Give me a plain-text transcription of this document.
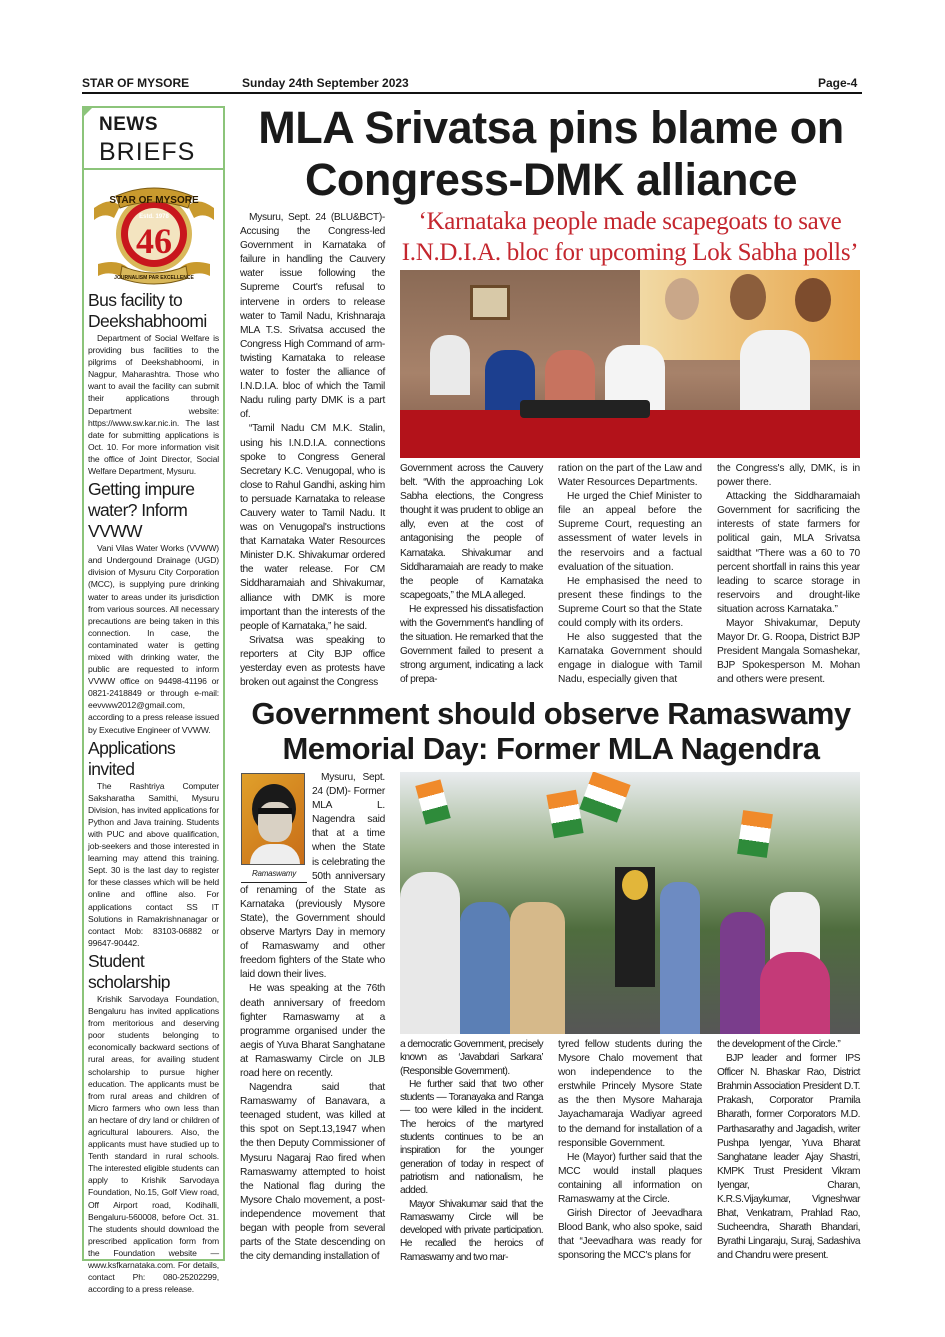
STAR OF MYSORE	Sunday 24th September 2023	Page-4
NEWS
BRIEFS
STAR OF MYSORE
Estd. 1978
46
JOURNALISM PAR EXCELLENCE
Bus facility to Deekshabhoomi

Department of Social Welfare is providing bus facilities to the pilgrims of Deekshabhoomi, in Nagpur, Maharashtra. Those who want to avail the facility can submit their applications through Department website: https://www.sw.kar.nic.in. The last date for submitting applications is Oct. 10. For more information visit the office of Joint Director, Social Welfare Department, Mysuru.

Getting impure water? Inform VVWW

Vani Vilas Water Works (VVWW) and Undergound Drainage (UGD) division of Mysuru City Corporation (MCC), is supplying pure drinking water to areas under its jurisdiction from various sources. All necessary precautions are being taken in this connection. In case, the contaminated water is getting mixed with drinking water, the public are requested to inform VVWW office on 94498-41196 or 0821-2418849 or through e-mail: eevvww2012@gmail.com, according to a press release issued by Executive Engineer of VVWW.

Applications invited

The Rashtriya Computer Saksharatha Samithi, Mysuru Division, has invited applications for Python and Java training. Students with PUC and above qualification, job-seekers and those interested in learning may attend this training. Sept. 30 is the last day to register for these classes which will be held online and offline also. For applications contact SS IT Solutions in Ramakrishnanagar or contact Mob: 83103-06882 or 99647-90442.

Student scholarship

Krishik Sarvodaya Foundation, Bengaluru has invited applications from meritorious and deserving poor students belonging to economically backward sections of rural areas, for availing student scholarship to pursue higher education. The applicants must be from rural areas and children of Micro farmers who own less than an hectare of dry land or children of agricultural labourers. Also, the applicants must have studied up to Tenth standard in rural schools. The interested eligible students can apply to Krishik Sarvodaya Foundation, No.15, Golf View road, Off Airport road, Kodihalli, Bengaluru-560008, before Oct. 31. The students should download the prescribed application form from the Foundation website — www.ksfkarnataka.com. For details, contact Ph: 080-25202299, according to a press release.

MLA Srivatsa pins blame on Congress-DMK alliance
‘Karnataka people made scapegoats to save I.N.D.I.A. bloc for upcoming Lok Sabha polls’

Mysuru, Sept. 24 (BLU&BCT)- Accusing the Congress-led Government in Karnataka of failure in handling the Cauvery water issue following the Supreme Court's refusal to intervene in orders to release water to Tamil Nadu, Krishnaraja MLA T.S. Srivatsa accused the Congress High Command of arm-twisting Karnataka to release water to foster the alliance of I.N.D.I.A. bloc of which the Tamil Nadu ruling party DMK is a part of.

“Tamil Nadu CM M.K. Stalin, using his I.N.D.I.A. connections spoke to Congress General Secretary K.C. Venugopal, who is close to Rahul Gandhi, asking him to persuade Karnataka to release Cauvery water to Tamil Nadu. It was on Venugopal's instructions that Karnataka Water Resources Minister D.K. Shivakumar ordered the water release. For CM Siddharamaiah and Shivakumar, alliance with DMK is more important than the interests of the people of Karnataka,” he said.

Srivatsa was speaking to reporters at City BJP office yesterday even as protests have broken out against the Congress

Government across the Cauvery belt. “With the approaching Lok Sabha elections, the Congress thought it was prudent to oblige an ally, even at the cost of antagonising the people of Karnataka. Shivakumar and Siddharamaiah are ready to make the people of Karnataka scapegoats,” the MLA alleged.

He expressed his dissatisfaction with the Government's handling of the situation. He remarked that the Government failed to present a strong argument, indicating a lack of prepa-

ration on the part of the Law and Water Resources Departments.

He urged the Chief Minister to file an appeal before the Supreme Court, requesting an assessment of water levels in the reservoirs and a factual evaluation of the situation.

He emphasised the need to present these findings to the Supreme Court so that the State could comply with its orders.

He also suggested that the Karnataka Government should engage in dialogue with Tamil Nadu, especially given that

the Congress's ally, DMK, is in power there.

Attacking the Siddharamaiah Government for sacrificing the interests of state farmers for political gain, MLA Srivatsa saidthat “There was a 60 to 70 percent shortfall in rains this year leading to scarce storage in reservoirs and drought-like situation across Karnataka.”

Mayor Shivakumar, Deputy Mayor Dr. G. Roopa, District BJP President Mangala Somashekar, BJP Spokesperson M. Mohan and others were present.

Government should observe Ramaswamy Memorial Day: Former MLA Nagendra
Ramaswamy

Mysuru, Sept. 24 (DM)- Former MLA L. Nagendra said that at a time when the State is celebrating the 50th anniversary of renaming of the State as Karnataka (previously Mysore State), the Government should observe Martyrs Day in memory of Ramaswamy and other freedom fighters of the State who laid down their lives.

He was speaking at the 76th death anniversary of freedom fighter Ramaswamy at a programme organised under the aegis of Yuva Bharat Sanghatane at Ramaswamy Circle on JLB road here on recently.

Nagendra said that Ramaswamy of Banavara, a teenaged student, was killed at this spot on Sept.13,1947 when the then Deputy Commissioner of Mysuru Nagaraj Rao fired when Ramaswamy attempted to hoist the National flag during the Mysore Chalo movement, a post-independence movement that began with people from several parts of the State descending on the city demanding installation of

a democratic Government, precisely known as ‘Javabdari Sarkara’ (Responsible Government).

He further said that two other students — Toranayaka and Ranga — too were killed in the incident. The heroics of the martyred students continues to be an inspiration for the younger generation of today in respect of patriotism and nationalism, he added.

Mayor Shivakumar said that the Ramaswamy Circle will be developed with private participation. He recalled the heroics of Ramaswamy and two mar-

tyred fellow students during the Mysore Chalo movement that won independence to the erstwhile Princely Mysore State as the then Mysore Maharaja Jayachamaraja Wadiyar agreed to the demand for installation of a responsible Government.

He (Mayor) further said that the MCC would install plaques containing all information on Ramaswamy at the Circle.

Girish Director of Jeevadhara Blood Bank, who also spoke, said that “Jeevadhara was ready for sponsoring the MCC's plans for

the development of the Circle.”

BJP leader and former IPS Officer N. Bhaskar Rao, District Brahmin Association President D.T. Prakash, Corporator Pramila Bharath, former Corporators M.D. Parthasarathy and Jagadish, writer Pushpa Iyengar, Yuva Bharat Sanghatane leader Ajay Shastri, KMPK Trust President Vikram Iyengar, Charan, K.R.S.Vijaykumar, Vigneshwar Bhat, Venkatram, Prahlad Rao, Sucheendra, Sharath Bhandari, Byrathi Lingaraju, Suraj, Sadashiva and Chandru were present.
